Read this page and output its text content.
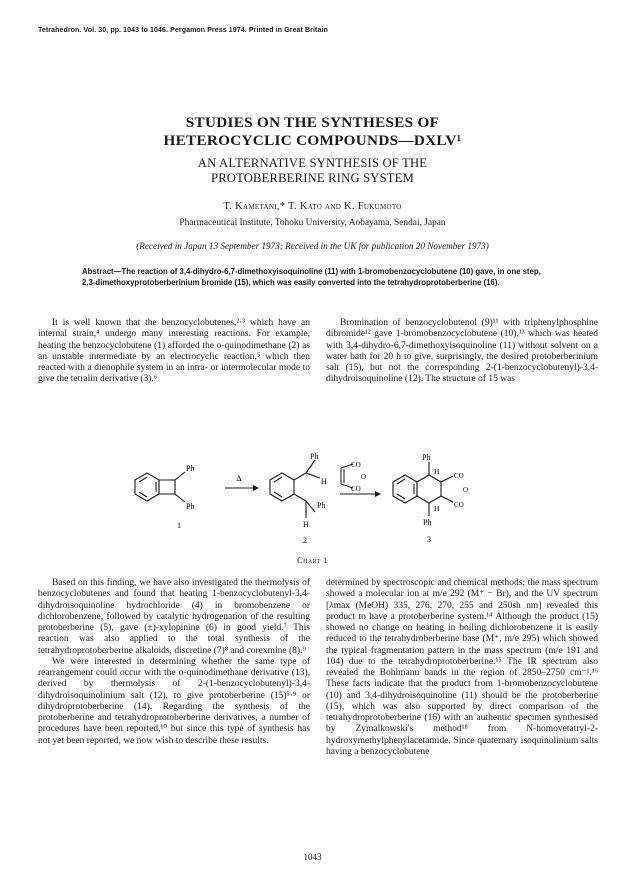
Tetrahedron. Vol. 30, pp. 1043 to 1046. Pergamon Press 1974. Printed in Great Britain
STUDIES ON THE SYNTHESES OF
HETEROCYCLIC COMPOUNDS—DXLV¹
AN ALTERNATIVE SYNTHESIS OF THE
PROTOBERBERINE RING SYSTEM
T. Kametani,* T. Kato and K. Fukumoto
Pharmaceutical Institute, Tohoku University, Aobayama, Sendai, Japan
(Received in Japan 13 September 1973; Received in the UK for publication 20 November 1973)
Abstract—The reaction of 3,4-dihydro-6,7-dimethoxyisoquinoline (11) with 1-bromobenzocyclobutene (10) gave, in one step, 2,3-dimethoxyprotoberberinium bromide (15), which was easily converted into the tetrahydroprotoberberine (16).

It is well known that the benzocyclobutenes,²·³ which have an internal strain,⁴ undergo many interesting reactions. For example, heating the benzocyclobutene (1) afforded the o-quinodimethane (2) as an unstable intermediate by an electrocyclic reaction,⁵ which then reacted with a dienophile system in an intra- or intermolecular mode to give the tetralin derivative (3).⁶

Bromination of benzocyclobutenol (9)¹¹ with triphenylphosphine dibromide¹² gave 1-bromobenzocyclobutene (10),¹³ which was heated with 3,4-dihydro-6,7-dimethoxyisoquinoline (11) without solvent on a water bath for 20 h to give, surprisingly, the desired protoberberinium salt (15), but not the corresponding 2-(1-benzocyclobutenyl)-3,4-dihydroisoquinoline (12). The structure of 15 was

Ph
Ph
1
Δ
Ph
H
Ph
H
2
CO
CO
O
Ph
H CO
O
CO
H
Ph
3
Chart 1

Based on this finding, we have also investigated the thermolysis of benzocyclobutenes and found that heating 1-benzocyclobutenyl-3,4-dihydroisoquinoline hydrochloride (4) in bromobenzene or dichlorobenzene, followed by catalytic hydrogenation of the resulting protoberberine (5), gave (±)-xylopinine (6) in good yield.⁷ This reaction was also applied to the total synthesis of the tetrahydroprotoberberine alkaloids, discretine (7)⁸ and corexmine (8).⁹

We were interested in determining whether the same type of rearrangement could occur with the o-quinodimethane derivative (13), derived by thermolysis of 2-(1-benzocyclobutenyl)-3,4-dihydroisoquinolinium salt (12), to give protoberberine (15)⁵·⁹ or dihydroprotoberberine (14). Regarding the synthesis of the protoberberine and tetrahydroprotoberberine derivatives, a number of procedures have been reported,¹⁰ but since this type of synthesis has not yet been reported, we now wish to describe these results.

determined by spectroscopic and chemical methods; the mass spectrum showed a molecular ion at m/e 292 (M⁺ − Br), and the UV spectrum [λmax (MeOH) 335, 276, 270, 255 and 250sh nm] revealed this product to have a protoberberine system.¹⁴ Although the product (15) showed no change on heating in boiling dichlorobenzene it is easily reduced to the tetrahydroberberine base (M⁺, m/e 295) which showed the typical fragmentation pattern in the mass spectrum (m/e 191 and 104) due to the tetrahydroprotoberberine.¹⁵ The IR spectrum also revealed the Bohlmann bands in the region of 2850–2750 cm⁻¹.¹⁶ These facts indicate that the product from 1-bromobenzocyclobutene (10) and 3,4-dihydroisoquinoline (11) should be the protoberberine (15), which was also supported by direct comparison of the tetrahydroprotoberberine (16) with an authentic specimen synthesised by Zymalkowski's method¹⁸ from N-homovetatryl-2-hydroxymethylphenylacetamide. Since quaternary isoquinolinium salts having a benzocyclobutene

1043
